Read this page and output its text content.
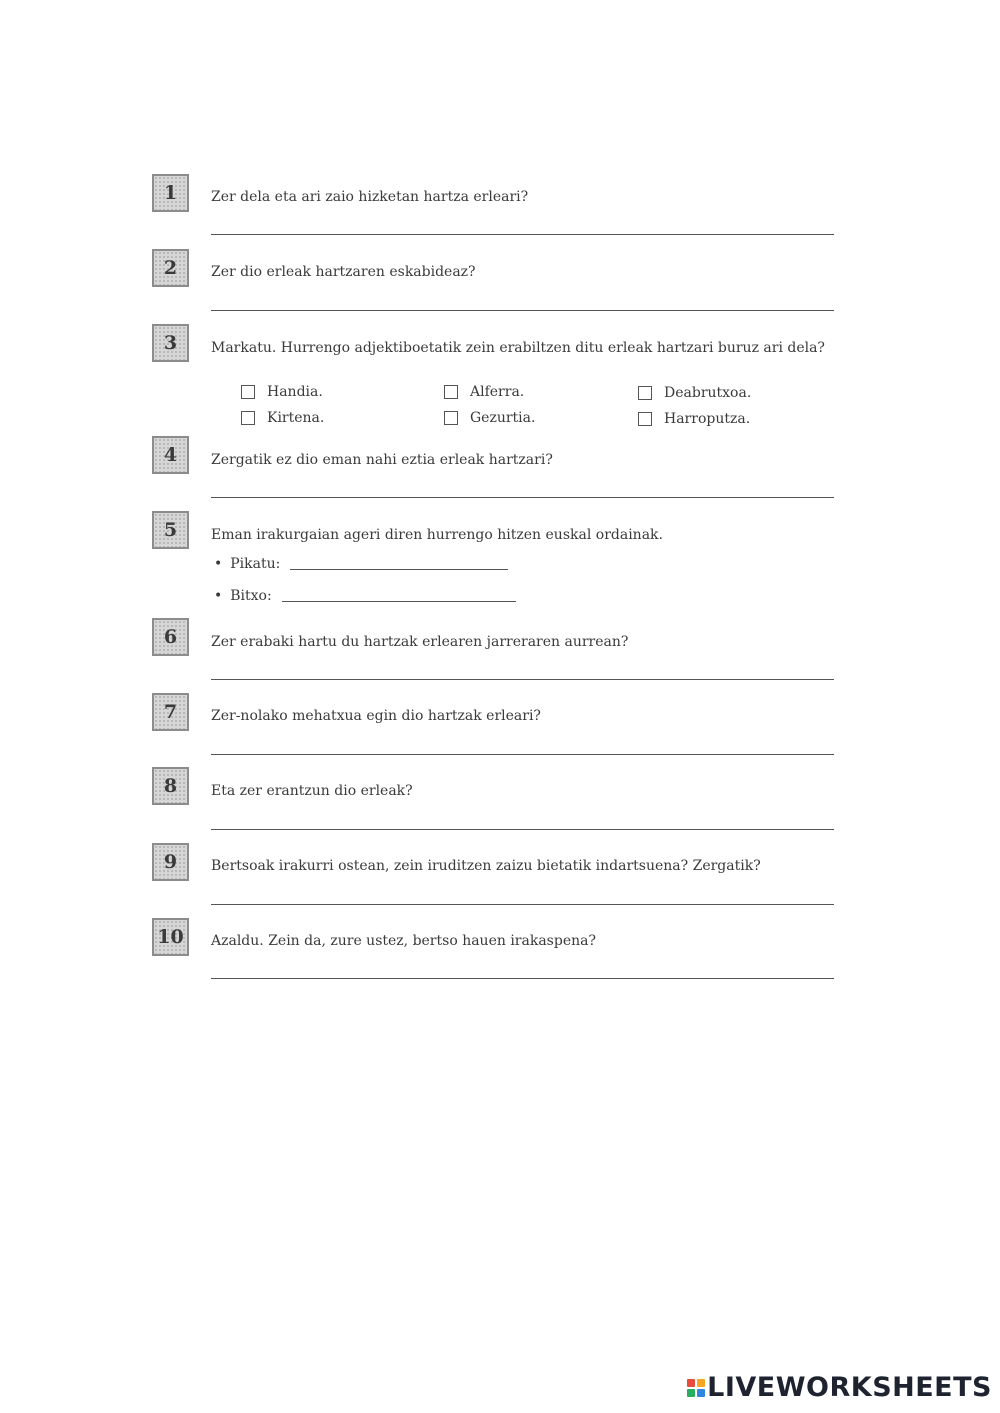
1 Zer dela eta ari zaio hizketan hartza erleari?
2 Zer dio erleak hartzaren eskabideaz?
3 Markatu. Hurrengo adjektiboetatik zein erabiltzen ditu erleak hartzari buruz ari dela?
Handia.	Alferra.	Deabrutxoa.
Kirtena.	Gezurtia.	Harroputza.
4 Zergatik ez dio eman nahi eztia erleak hartzari?
5 Eman irakurgaian ageri diren hurrengo hitzen euskal ordainak.
• Pikatu:
• Bitxo:
6 Zer erabaki hartu du hartzak erlearen jarreraren aurrean?
7 Zer-nolako mehatxua egin dio hartzak erleari?
8 Eta zer erantzun dio erleak?
9 Bertsoak irakurri ostean, zein iruditzen zaizu bietatik indartsuena? Zergatik?
10 Azaldu. Zein da, zure ustez, bertso hauen irakaspena?
LIVEWORKSHEETS
